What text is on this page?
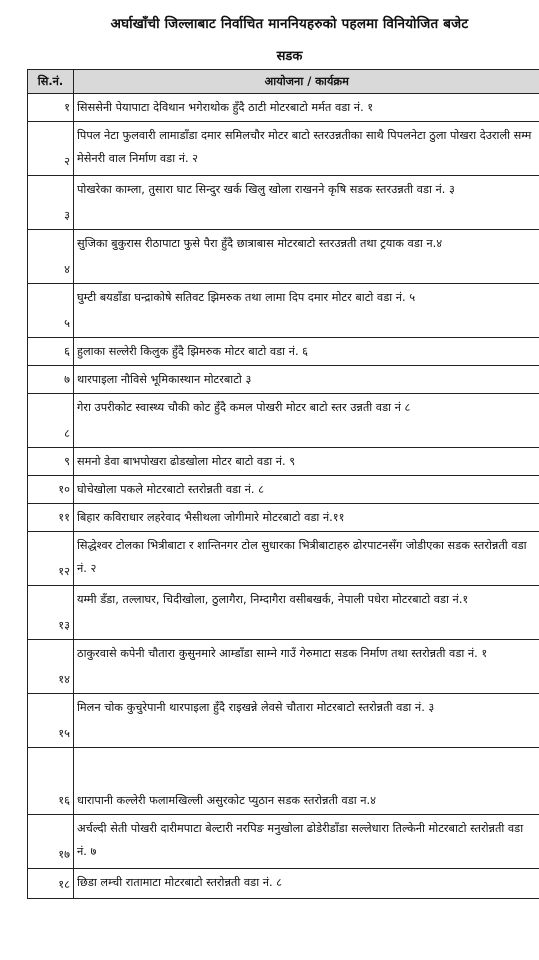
अर्घाखाँची जिल्लाबाट निर्वाचित माननियहरुको पहलमा विनियोजित बजेट
सडक
सि.नं.	आयोजना / कार्यक्रम
१	सिससेनी पेयापाटा देविथान भगेराथोक हुँदै ठाटी मोटरबाटो मर्मत वडा नं. १
२	पिपल नेटा फुलवारी लामाडाँडा दमार समिलचौर मोटर बाटो स्तरउन्नतीका साथै पिपलनेटा ठुला पोखरा देउराली सम्म मेसेनरी वाल निर्माण वडा नं. २
३	पोखरेका काम्ला, तुसारा घाट सिन्दुर खर्क खिलु खोला राखनने कृषि सडक स्तरउन्नती वडा नं. ३
४	सुजिका बुकुरास रीठापाटा फुसे पैरा हुँदै छात्राबास मोटरबाटो स्तरउन्नती तथा ट्रयाक वडा न.४
५	घुम्टी बयडाँडा घन्द्राकोषे सतिवट झिमरुक तथा लामा दिप दमार मोटर बाटो वडा नं. ५
६	हुलाका सल्लेरी किलुक हुँदै झिमरुक मोटर बाटो वडा नं. ६
७	थारपाइला नौविसे भूमिकास्थान मोटरबाटो ३
८	गेरा उपरीकोट स्वास्थ्य चौकी कोट हुँदै कमल पोखरी मोटर बाटो स्तर उन्नती वडा नं ८
९	समनो डेवा बाभपोखरा ढोडखोला मोटर बाटो वडा नं. ९
१०	घोचेखोला पकले मोटरबाटो स्तरोन्नती वडा नं. ८
११	बिहार कविराधार लहरेवाद भैसीथला जोगीमारे मोटरबाटो वडा नं.११
१२	सिद्धेश्वर टोलका भित्रीबाटा र शान्तिनगर टोल सुधारका भित्रीबाटाहरु ढोरपाटनसँग जोडीएका सडक स्तरोन्नती वडा नं. २
१३	यम्मी डँडा, तल्लाघर, चिदीखोला, ठुलागैरा, निम्दागैरा वसीबखर्क, नेपाली पधेरा मोटरबाटो वडा नं.१
१४	ठाकुरवासे कपेनी चौतारा कुसुनमारे आम्डाँडा साम्ने गाउँ गेरुमाटा सडक निर्माण तथा स्तरोन्नती वडा नं. १
१५	मिलन चोक कुचुरेपानी थारपाइला हुँदै राइखन्ने लेवसे चौतारा मोटरबाटो स्तरोन्नती वडा नं. ३
१६	धारापानी कल्लेरी फलामखिल्ली असुरकोट प्युठान सडक स्तरोन्नती वडा न.४
१७	अर्चल्दी सेती पोखरी दारीमपाटा बेल्टारी नरपिङ मनुखोला ढोडेरीडाँडा सल्लेधारा तिल्केनी मोटरबाटो स्तरोन्नती वडा नं. ७
१८	छिडा लम्ची रातामाटा मोटरबाटो स्तरोन्नती वडा नं. ८
